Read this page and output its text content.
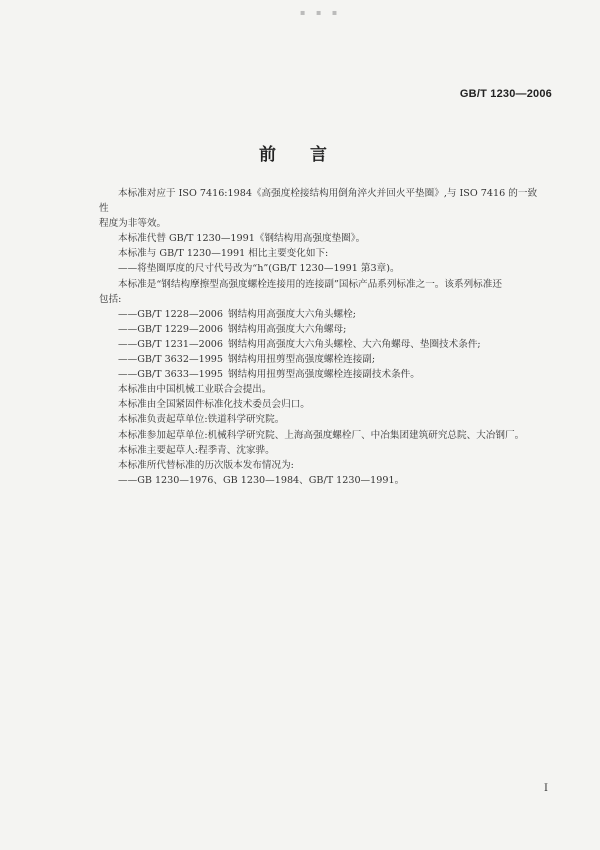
▪ ▪ ▪
GB/T 1230—2006
前 言

本标准对应于 ISO 7416:1984《高强度栓接结构用倒角淬火并回火平垫圈》,与 ISO 7416 的一致性

程度为非等效。

本标准代替 GB/T 1230—1991《钢结构用高强度垫圈》。

本标准与 GB/T 1230—1991 相比主要变化如下:

——将垫圈厚度的尺寸代号改为“h”(GB/T 1230—1991 第3章)。

本标准是“钢结构摩擦型高强度螺栓连接用的连接副”国标产品系列标准之一。该系列标准还

包括:

——GB/T 1228—2006 钢结构用高强度大六角头螺栓;
——GB/T 1229—2006 钢结构用高强度大六角螺母;
——GB/T 1231—2006 钢结构用高强度大六角头螺栓、大六角螺母、垫圈技术条件;
——GB/T 3632—1995 钢结构用扭剪型高强度螺栓连接副;
——GB/T 3633—1995 钢结构用扭剪型高强度螺栓连接副技术条件。

本标准由中国机械工业联合会提出。

本标准由全国紧固件标准化技术委员会归口。

本标准负责起草单位:铁道科学研究院。

本标准参加起草单位:机械科学研究院、上海高强度螺栓厂、中冶集团建筑研究总院、大冶钢厂。

本标准主要起草人:程季青、沈家骅。

本标准所代替标准的历次版本发布情况为:

——GB 1230—1976、GB 1230—1984、GB/T 1230—1991。

I
